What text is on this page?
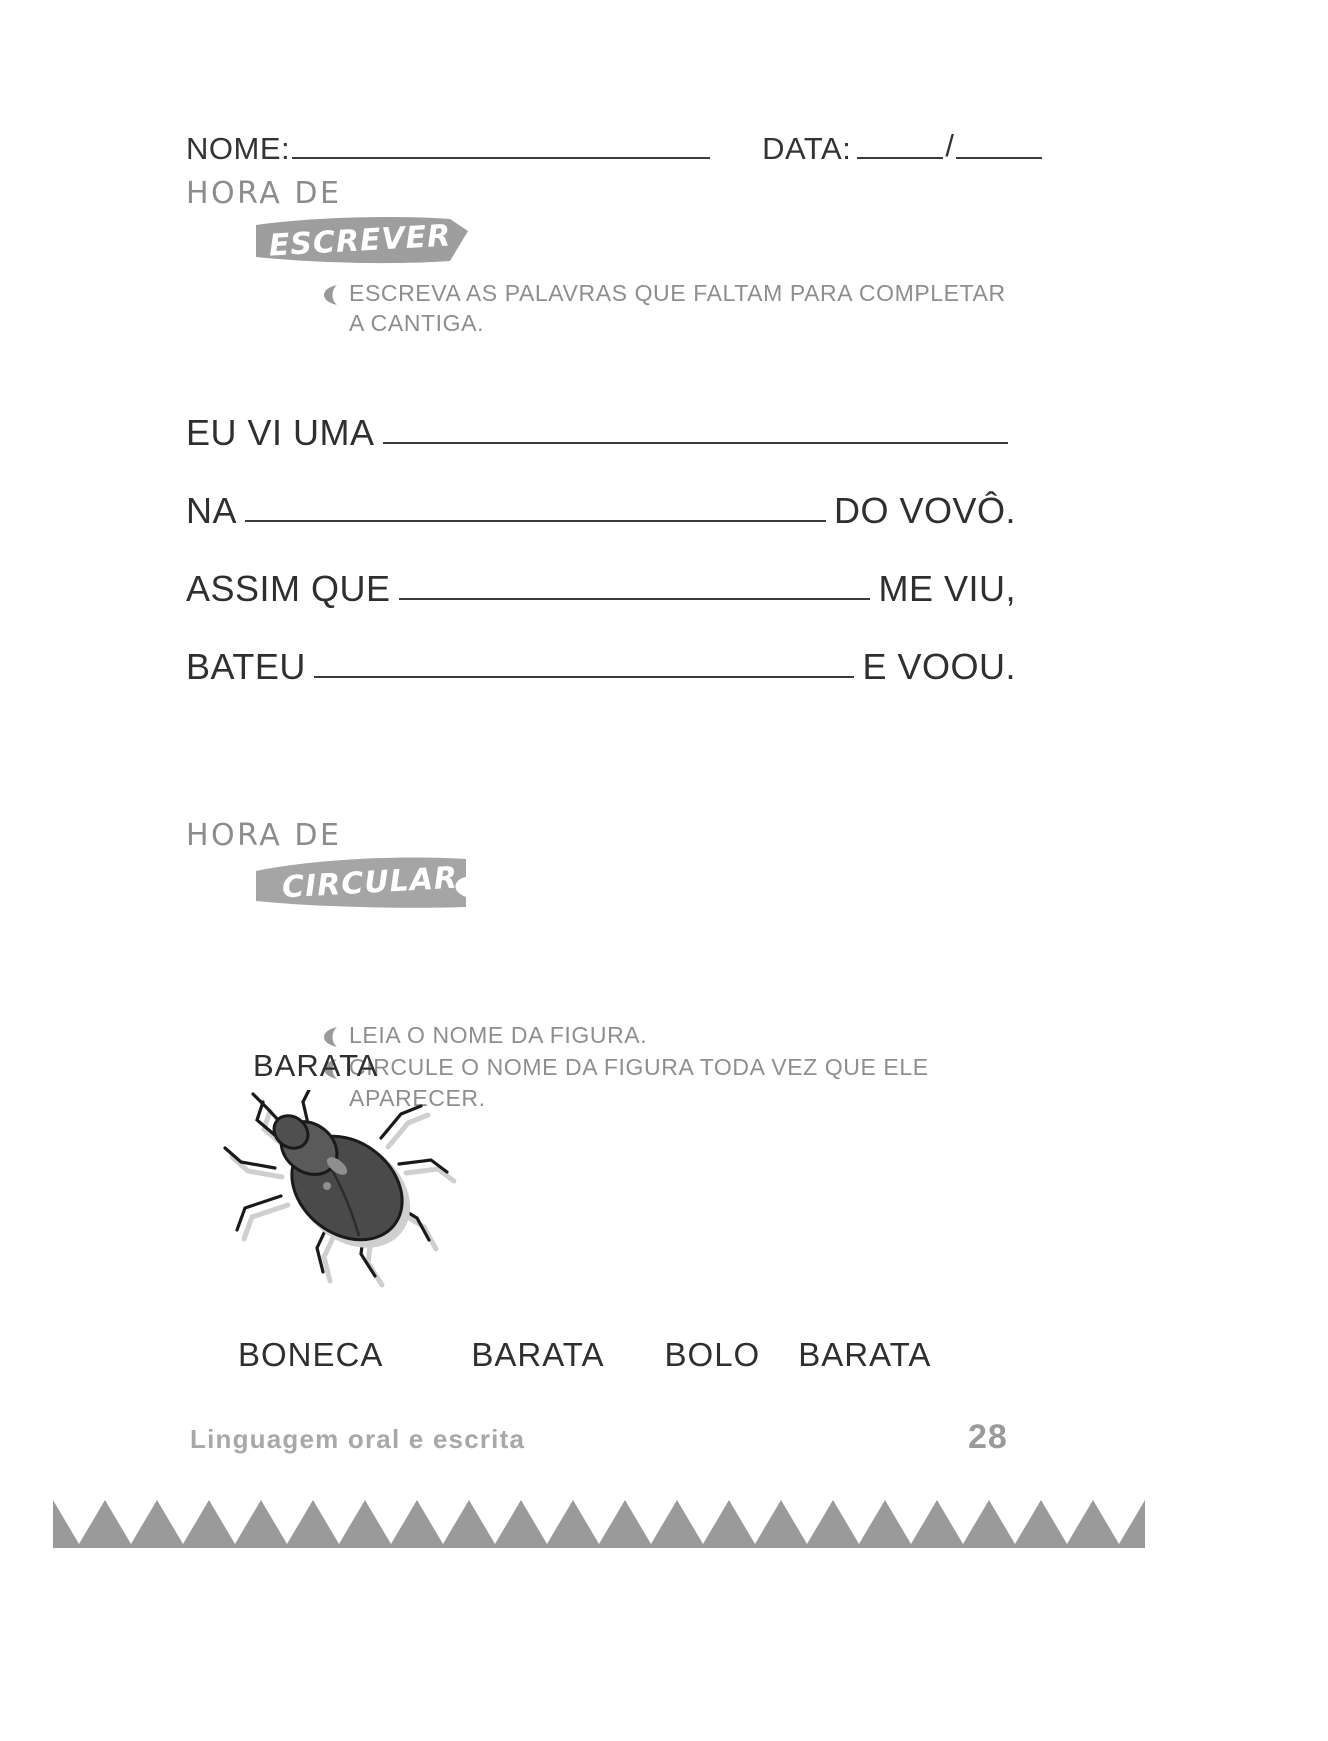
NOME:	DATA:	/
HORA DE
ESCREVER
ESCREVA AS PALAVRAS QUE FALTAM PARA COMPLETAR A CANTIGA.
EU VI UMA
NA	DO VOVÔ.
ASSIM QUE	ME VIU,
BATEU	E VOOU.
HORA DE
CIRCULAR
LEIA O NOME DA FIGURA.
CIRCULE O NOME DA FIGURA TODA VEZ QUE ELE APARECER.
BARATA
BONECA	BARATA BOLO BARATA
Linguagem oral e escrita	28
